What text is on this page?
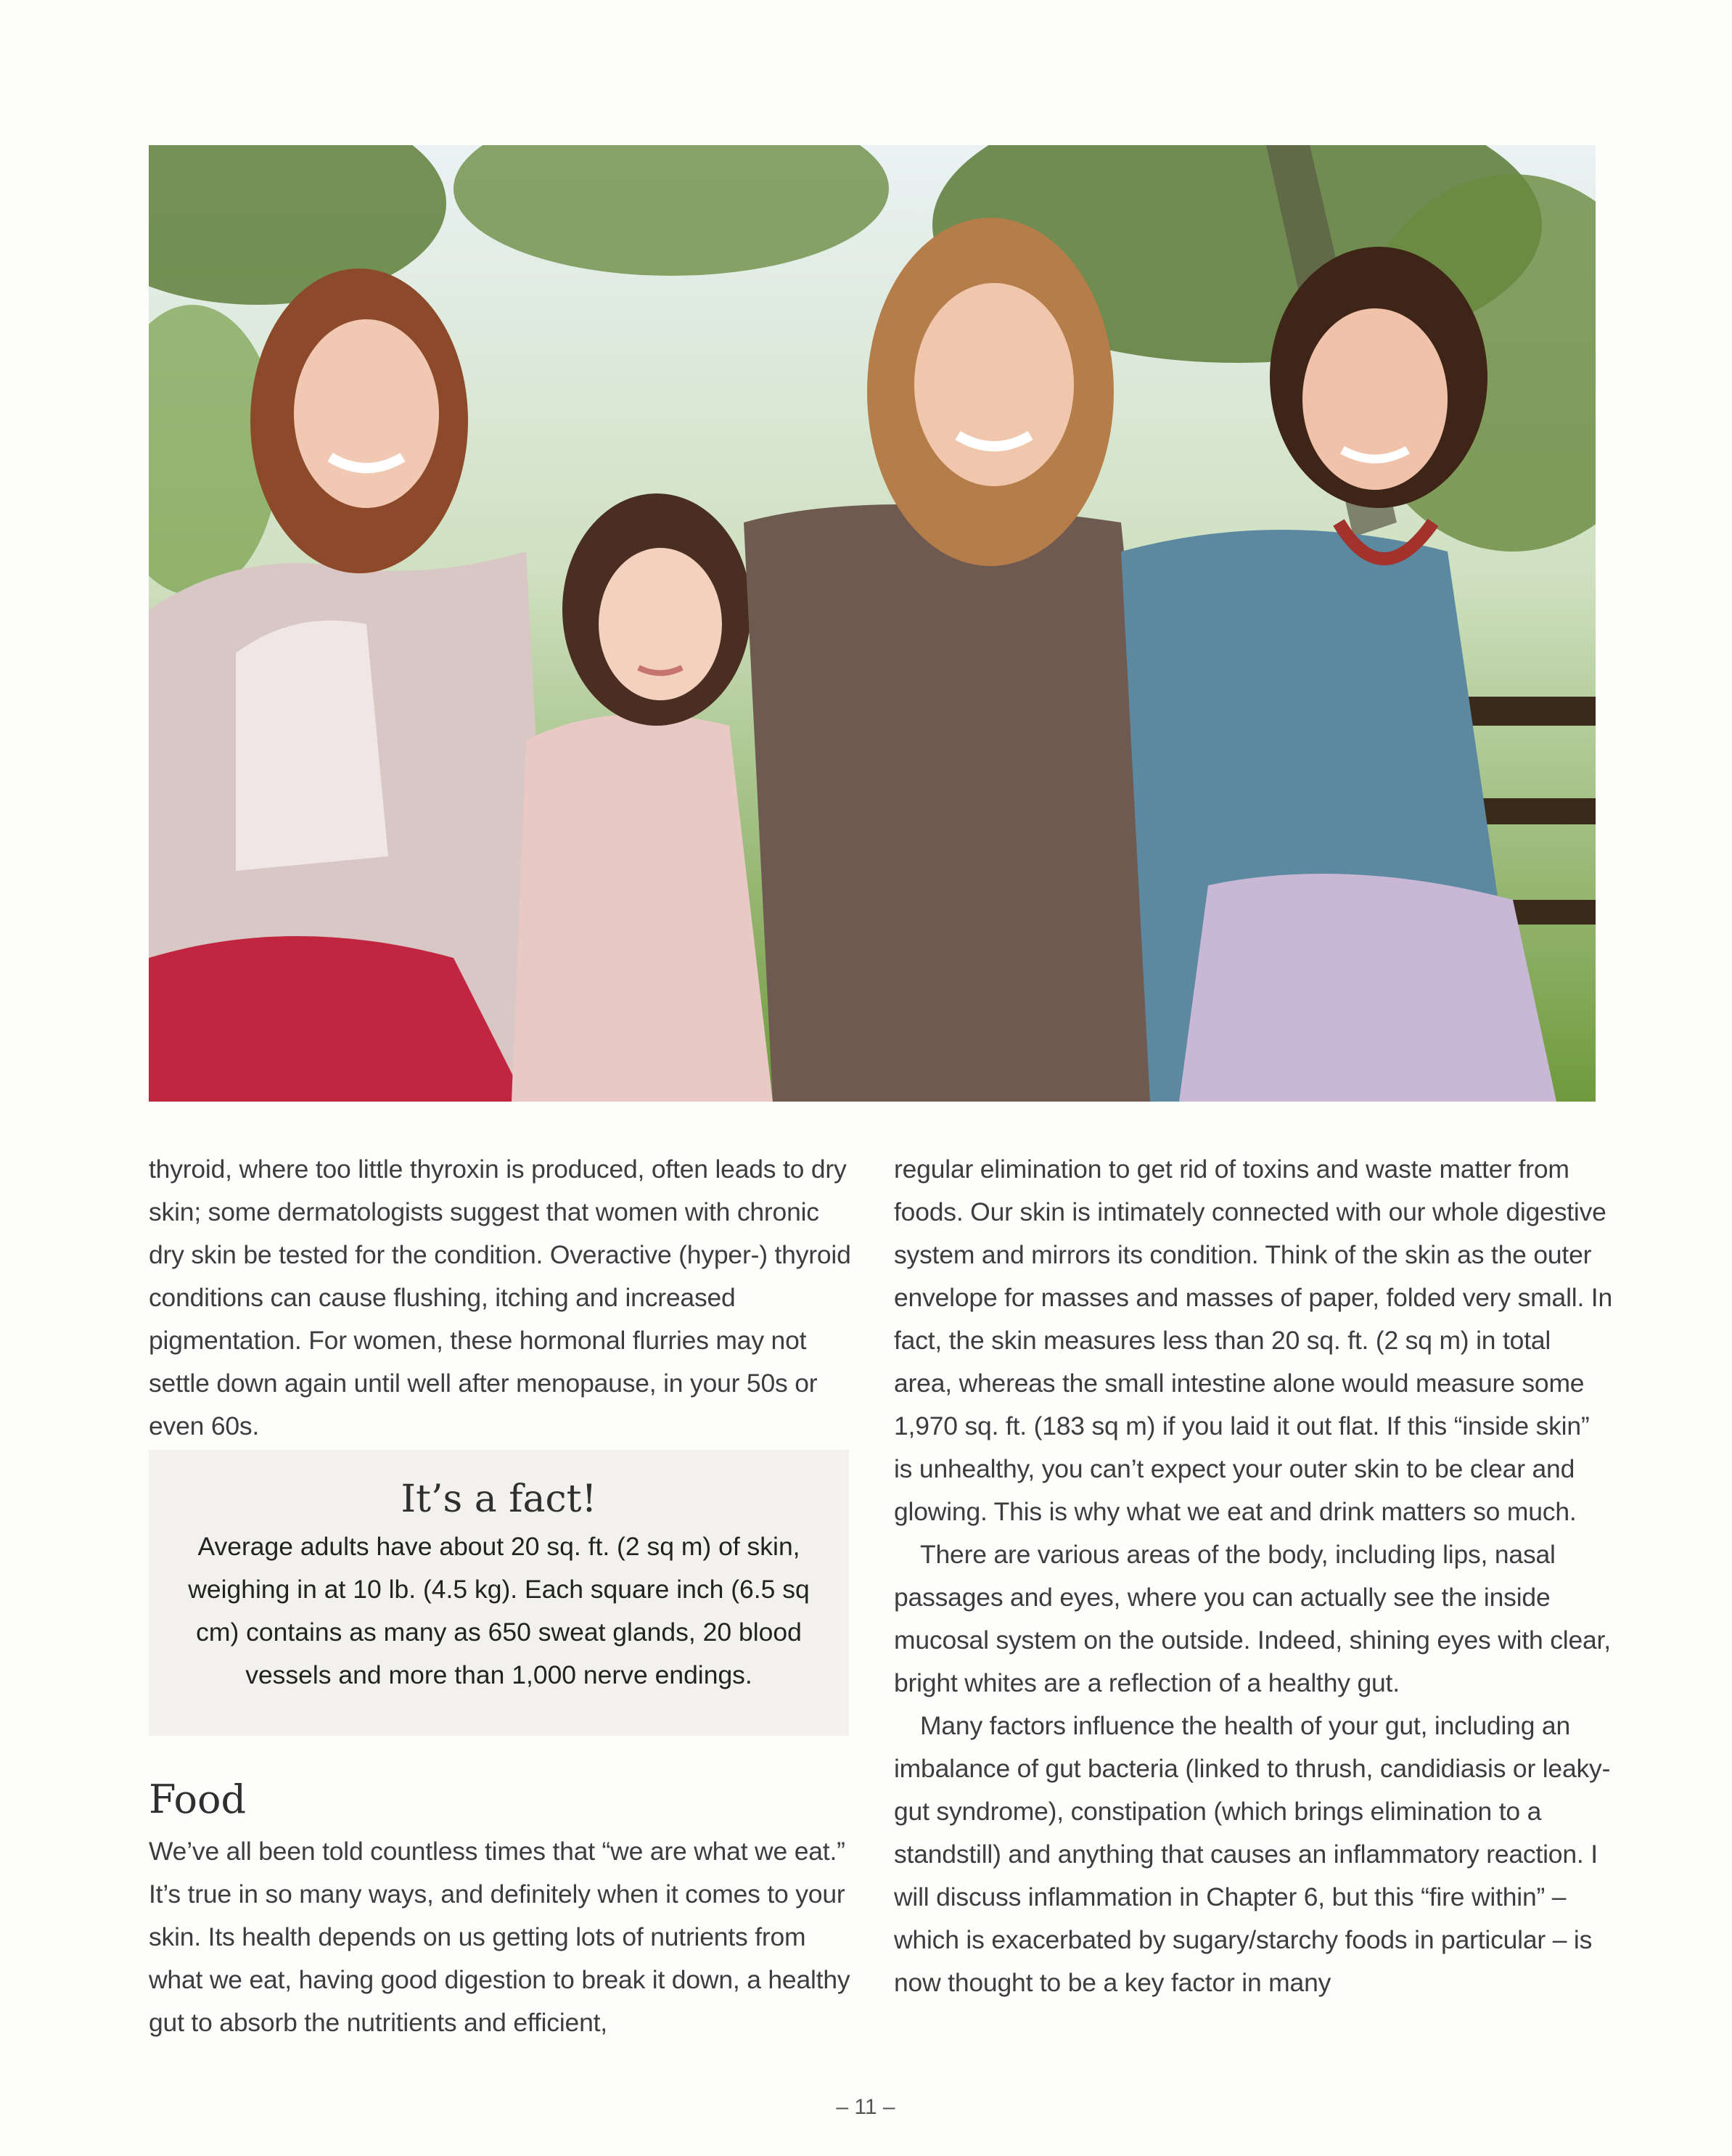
thyroid, where too little thyroxin is produced, often leads to dry skin; some dermatologists suggest that women with chronic dry skin be tested for the condition. Overactive (hyper-) thyroid conditions can cause flushing, itching and increased pigmentation. For women, these hormonal flurries may not settle down again until well after menopause, in your 50s or even 60s.

It’s a fact!
Average adults have about 20 sq. ft. (2 sq m) of skin, weighing in at 10 lb. (4.5 kg). Each square inch (6.5 sq cm) contains as many as 650 sweat glands, 20 blood vessels and more than 1,000 nerve endings.
Food

We’ve all been told countless times that “we are what we eat.” It’s true in so many ways, and definitely when it comes to your skin. Its health depends on us getting lots of nutrients from what we eat, having good digestion to break it down, a healthy gut to absorb the nutritients and efficient,

regular elimination to get rid of toxins and waste matter from foods. Our skin is intimately connected with our whole digestive system and mirrors its condition. Think of the skin as the outer envelope for masses and masses of paper, folded very small. In fact, the skin measures less than 20 sq. ft. (2 sq m) in total area, whereas the small intestine alone would measure some 1,970 sq. ft. (183 sq m) if you laid it out flat. If this “inside skin” is unhealthy, you can’t expect your outer skin to be clear and glowing. This is why what we eat and drink matters so much.

There are various areas of the body, including lips, nasal passages and eyes, where you can actually see the inside mucosal system on the outside. Indeed, shining eyes with clear, bright whites are a reflection of a healthy gut.

Many factors influence the health of your gut, including an imbalance of gut bacteria (linked to thrush, candidiasis or leaky-gut syndrome), constipation (which brings elimination to a standstill) and anything that causes an inflammatory reaction. I will discuss inflammation in Chapter 6, but this “fire within” – which is exacerbated by sugary/starchy foods in particular – is now thought to be a key factor in many

– 11 –
